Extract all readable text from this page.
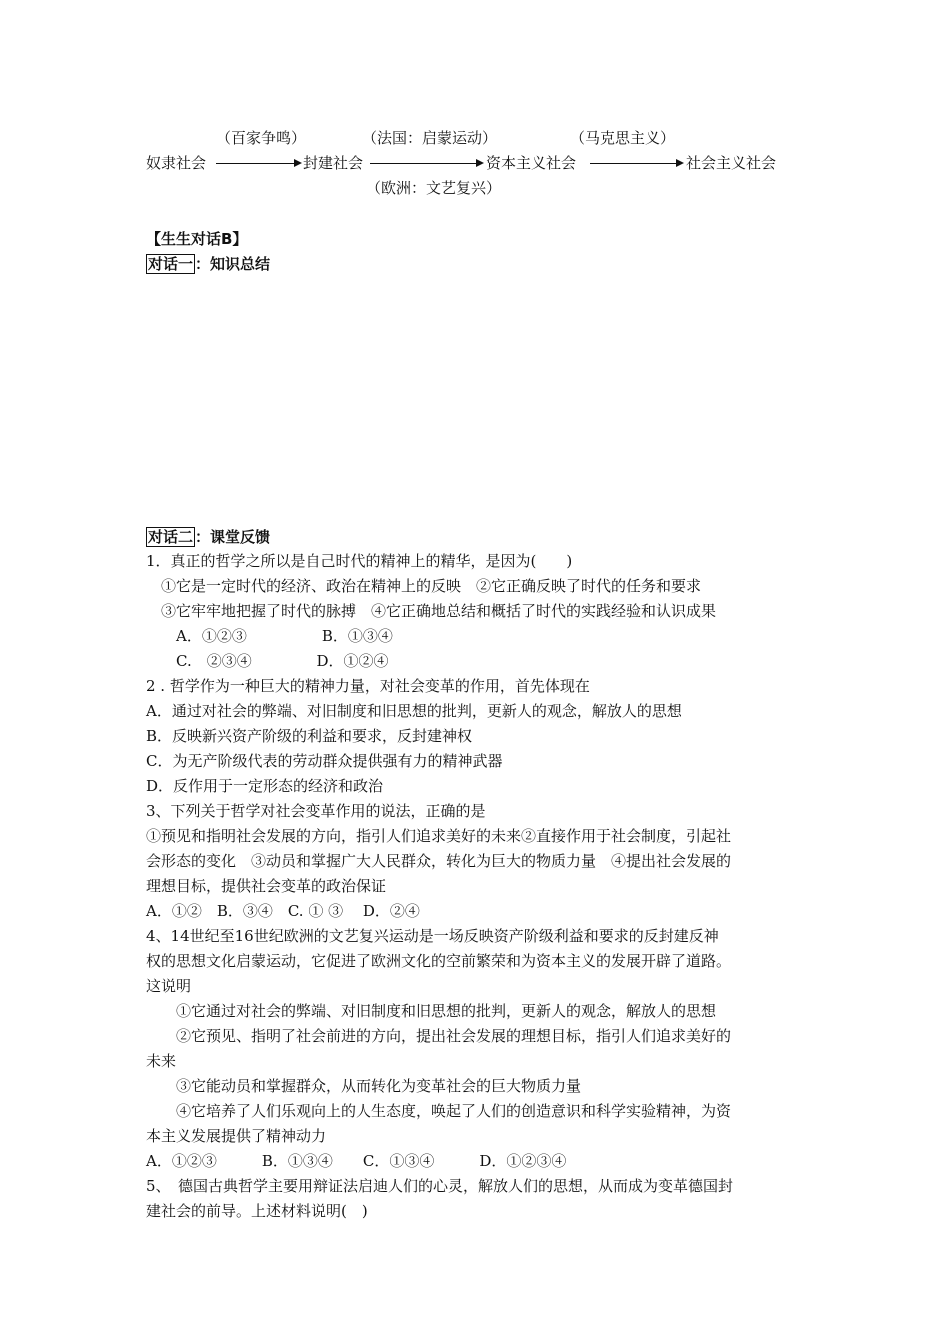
（百家争鸣）	（法国：启蒙运动）	（马克思主义）
奴隶社会	封建社会	资本主义社会	社会主义社会
（欧洲：文艺复兴）
【生生对话B】
对话一 ：知识总结
对话二 ：课堂反馈
1．真正的哲学之所以是自己时代的精神上的精华，是因为(　　)
　①它是一定时代的经济、政治在精神上的反映　②它正确反映了时代的任务和要求
　③它牢牢地把握了时代的脉搏　④它正确地总结和概括了时代的实践经验和认识成果
　　A．①②③　　　　　B．①③④
　　C.　②③④　　　　 D．①②④
2 . 哲学作为一种巨大的精神力量，对社会变革的作用，首先体现在
A．通过对社会的弊端、对旧制度和旧思想的批判，更新人的观念，解放人的思想
B．反映新兴资产阶级的利益和要求，反封建神权
C．为无产阶级代表的劳动群众提供强有力的精神武器
D．反作用于一定形态的经济和政治
3、下列关于哲学对社会变革作用的说法，正确的是
①预见和指明社会发展的方向，指引人们追求美好的未来②直接作用于社会制度，引起社
会形态的变化　③动员和掌握广大人民群众，转化为巨大的物质力量　④提出社会发展的
理想目标，提供社会变革的政治保证
A．①②　B．③④　C. ① ③　 D．②④
4、14世纪至16世纪欧洲的文艺复兴运动是一场反映资产阶级利益和要求的反封建反神
权的思想文化启蒙运动，它促进了欧洲文化的空前繁荣和为资本主义的发展开辟了道路。
这说明
　　①它通过对社会的弊端、对旧制度和旧思想的批判，更新人的观念，解放人的思想
　　②它预见、指明了社会前进的方向，提出社会发展的理想目标，指引人们追求美好的
未来
　　③它能动员和掌握群众，从而转化为变革社会的巨大物质力量
　　④它培养了人们乐观向上的人生态度，唤起了人们的创造意识和科学实验精神，为资
本主义发展提供了精神动力
A．①②③　　　B．①③④　　C．①③④　　　D．①②③④
5、　德国古典哲学主要用辩证法启迪人们的心灵，解放人们的思想，从而成为变革德国封
建社会的前导。上述材料说明(　)
